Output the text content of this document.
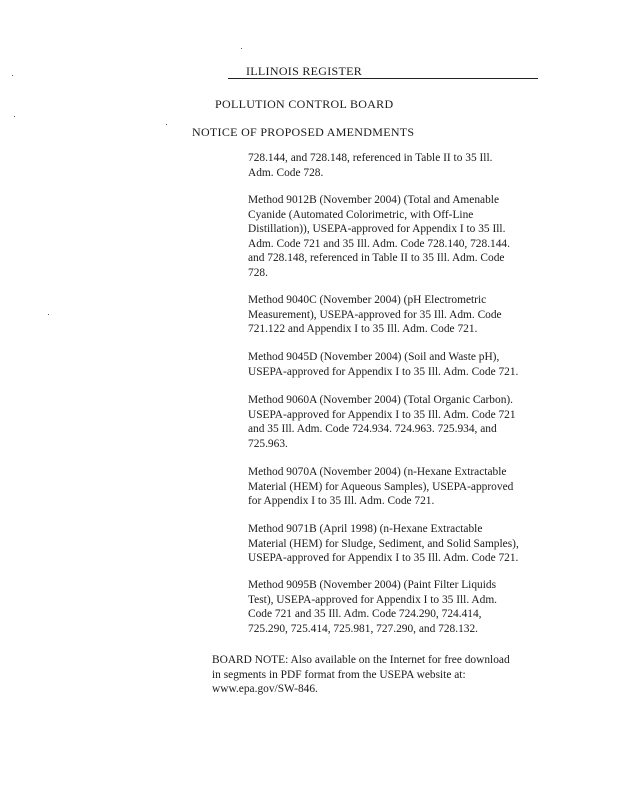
ILLINOIS REGISTER
POLLUTION CONTROL BOARD
NOTICE OF PROPOSED AMENDMENTS
728.144, and 728.148, referenced in Table II to 35 Ill.
Adm. Code 728.
Method 9012B (November 2004) (Total and Amenable
Cyanide (Automated Colorimetric, with Off-Line
Distillation)), USEPA-approved for Appendix I to 35 Ill.
Adm. Code 721 and 35 Ill. Adm. Code 728.140, 728.144.
and 728.148, referenced in Table II to 35 Ill. Adm. Code
728.
Method 9040C (November 2004) (pH Electrometric
Measurement), USEPA-approved for 35 Ill. Adm. Code
721.122 and Appendix I to 35 Ill. Adm. Code 721.
Method 9045D (November 2004) (Soil and Waste pH),
USEPA-approved for Appendix I to 35 Ill. Adm. Code 721.
Method 9060A (November 2004) (Total Organic Carbon).
USEPA-approved for Appendix I to 35 Ill. Adm. Code 721
and 35 Ill. Adm. Code 724.934. 724.963. 725.934, and
725.963.
Method 9070A (November 2004) (n-Hexane Extractable
Material (HEM) for Aqueous Samples), USEPA-approved
for Appendix I to 35 Ill. Adm. Code 721.
Method 9071B (April 1998) (n-Hexane Extractable
Material (HEM) for Sludge, Sediment, and Solid Samples),
USEPA-approved for Appendix I to 35 Ill. Adm. Code 721.
Method 9095B (November 2004) (Paint Filter Liquids
Test), USEPA-approved for Appendix I to 35 Ill. Adm.
Code 721 and 35 Ill. Adm. Code 724.290, 724.414,
725.290, 725.414, 725.981, 727.290, and 728.132.
BOARD NOTE: Also available on the Internet for free download
in segments in PDF format from the USEPA website at:
www.epa.gov/SW-846.
